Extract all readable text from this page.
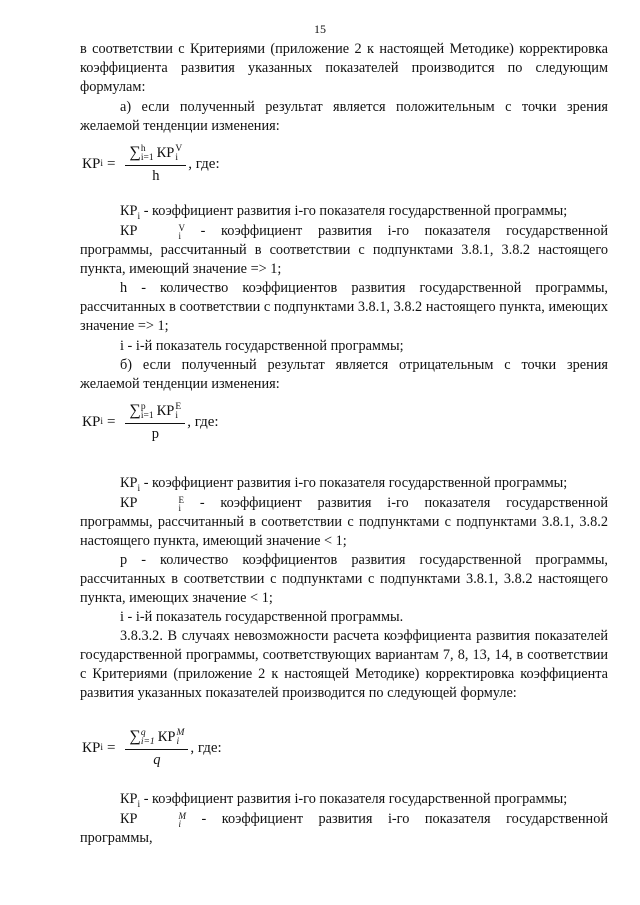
15
в соответствии с Критериями (приложение 2 к настоящей Методике) корректировка коэффициента развития указанных показателей производится по следующим формулам:
а) если полученный результат является положительным с точки зрения желаемой тенденции изменения:
КР i = ∑ h
i=1 КР V
i
h , где:
$КР_i$ - коэффициент развития i-го показателя государственной программы;
КР	V
i - коэффициент развития i-го показателя государственной программы, рассчитанный в соответствии с подпунктами 3.8.1, 3.8.2 настоящего пункта, имеющий значение => 1;
h - количество коэффициентов развития государственной программы, рассчитанных в соответствии с подпунктами 3.8.1, 3.8.2 настоящего пункта, имеющих значение => 1;
i - i-й показатель государственной программы;
б) если полученный результат является отрицательным с точки зрения желаемой тенденции изменения:
КР i = ∑ p
i=1 КР E
i
p , где:
$КР_i$ - коэффициент развития i-го показателя государственной программы;
КР	E
i - коэффициент развития i-го показателя государственной программы, рассчитанный в соответствии с подпунктами с подпунктами 3.8.1, 3.8.2 настоящего пункта, имеющий значение < 1;
p - количество коэффициентов развития государственной программы, рассчитанных в соответствии с подпунктами с подпунктами 3.8.1, 3.8.2 настоящего пункта, имеющих значение < 1;
i - i-й показатель государственной программы.
3.8.3.2. В случаях невозможности расчета коэффициента развития показателей государственной программы, соответствующих вариантам 7, 8, 13, 14, в соответствии с Критериями (приложение 2 к настоящей Методике) корректировка коэффициента развития указанных показателей производится по следующей формуле:
КР i = ∑ q
i=1 КР M
i
q , где:
$КР_i$ - коэффициент развития i-го показателя государственной программы;
КР	M
i - коэффициент развития i-го показателя государственной программы,
